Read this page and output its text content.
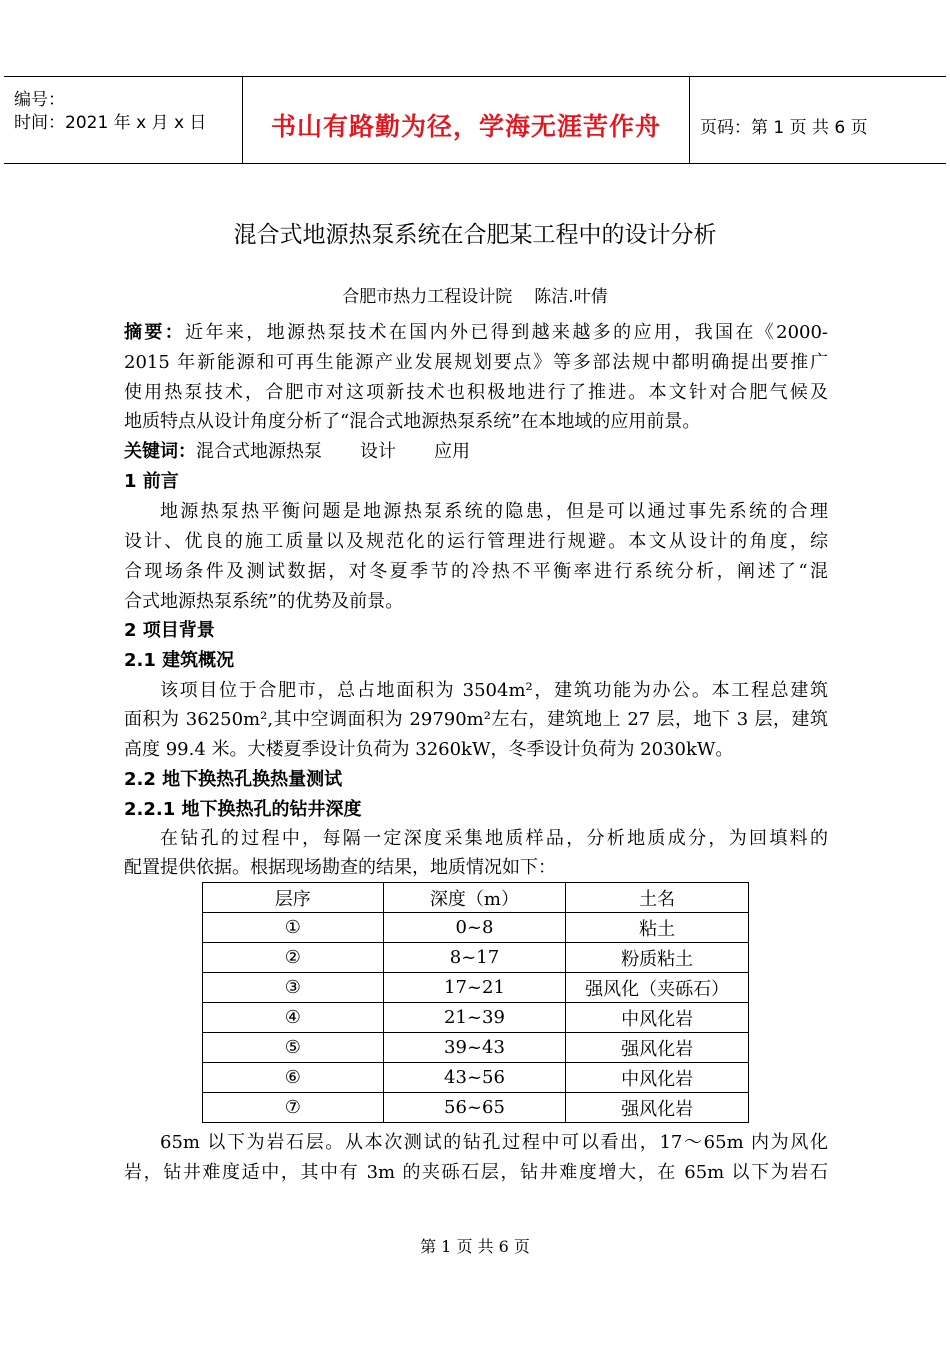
编号：
时间：2021 年 x 月 x 日	书山有路勤为径，学海无涯苦作舟	页码：第 1 页 共 6 页
混合式地源热泵系统在合肥某工程中的设计分析
合肥市热力工程设计院 陈洁.叶倩
摘要：近年来，地源热泵技术在国内外已得到越来越多的应用，我国在《2000-
2015 年新能源和可再生能源产业发展规划要点》等多部法规中都明确提出要推广
使用热泵技术，合肥市对这项新技术也积极地进行了推进。本文针对合肥气候及
地质特点从设计角度分析了“混合式地源热泵系统”在本地域的应用前景。
关键词：混合式地源热泵 设计 应用
1 前言
地源热泵热平衡问题是地源热泵系统的隐患，但是可以通过事先系统的合理
设计、优良的施工质量以及规范化的运行管理进行规避。本文从设计的角度，综
合现场条件及测试数据，对冬夏季节的冷热不平衡率进行系统分析，阐述了“混
合式地源热泵系统”的优势及前景。
2 项目背景
2.1 建筑概况
该项目位于合肥市，总占地面积为 3504m²，建筑功能为办公。本工程总建筑
面积为 36250m²,其中空调面积为 29790m²左右，建筑地上 27 层，地下 3 层，建筑
高度 99.4 米。大楼夏季设计负荷为 3260kW，冬季设计负荷为 2030kW。
2.2 地下换热孔换热量测试
2.2.1 地下换热孔的钻井深度
在钻孔的过程中，每隔一定深度采集地质样品，分析地质成分，为回填料的
配置提供依据。根据现场勘查的结果，地质情况如下：
层序	深度（m）	土名
①	0~8	粘土
②	8~17	粉质粘土
③	17~21	强风化（夹砾石）
④	21~39	中风化岩
⑤	39~43	强风化岩
⑥	43~56	中风化岩
⑦	56~65	强风化岩
65m 以下为岩石层。从本次测试的钻孔过程中可以看出，17～65m 内为风化
岩，钻井难度适中，其中有 3m 的夹砾石层，钻井难度增大，在 65m 以下为岩石
第 1 页 共 6 页
